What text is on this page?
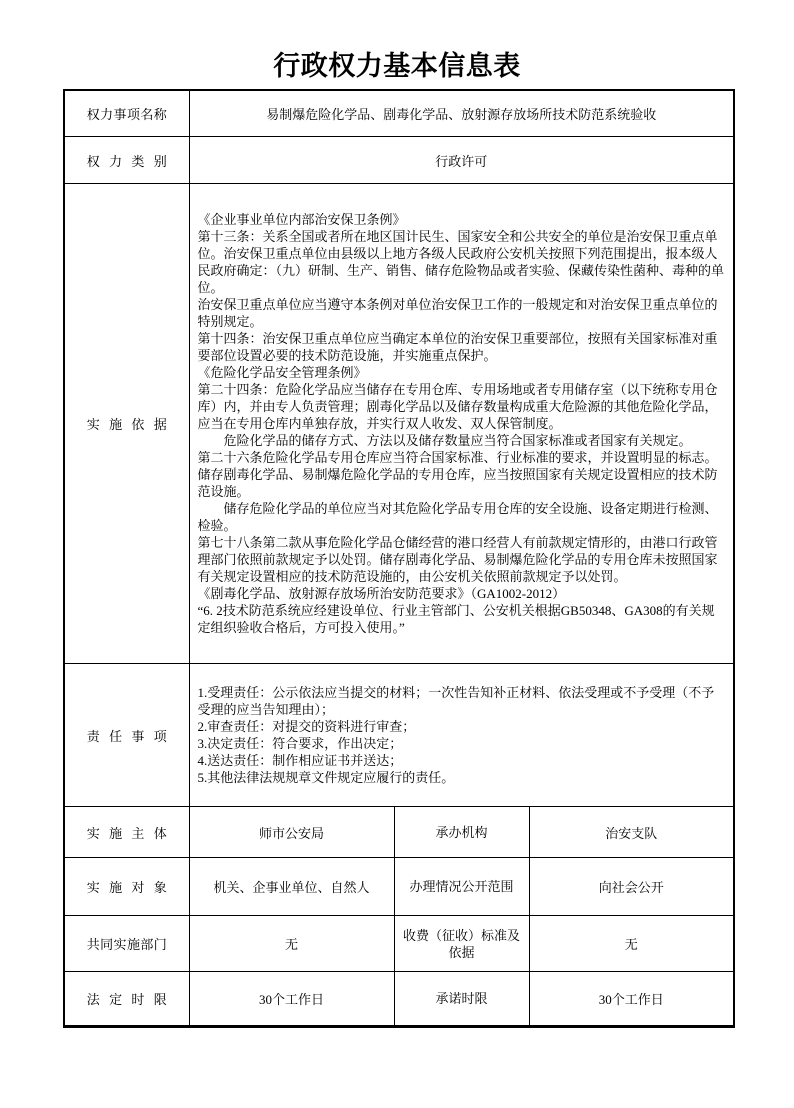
行政权力基本信息表
权力事项名称	易制爆危险化学品、剧毒化学品、放射源存放场所技术防范系统验收		
权力类别	行政许可		
实施依据	
《企业事业单位内部治安保卫条例》
第十三条：关系全国或者所在地区国计民生、国家安全和公共安全的单位是治安保卫重点单位。治安保卫重点单位由县级以上地方各级人民政府公安机关按照下列范围提出，报本级人民政府确定：（九）研制、生产、销售、储存危险物品或者实验、保藏传染性菌种、毒种的单位。
治安保卫重点单位应当遵守本条例对单位治安保卫工作的一般规定和对治安保卫重点单位的特别规定。
第十四条：治安保卫重点单位应当确定本单位的治安保卫重要部位，按照有关国家标准对重要部位设置必要的技术防范设施，并实施重点保护。
《危险化学品安全管理条例》
第二十四条：危险化学品应当储存在专用仓库、专用场地或者专用储存室（以下统称专用仓库）内，并由专人负责管理；剧毒化学品以及储存数量构成重大危险源的其他危险化学品，应当在专用仓库内单独存放，并实行双人收发、双人保管制度。
危险化学品的储存方式、方法以及储存数量应当符合国家标准或者国家有关规定。
第二十六条危险化学品专用仓库应当符合国家标准、行业标准的要求，并设置明显的标志。储存剧毒化学品、易制爆危险化学品的专用仓库，应当按照国家有关规定设置相应的技术防范设施。
储存危险化学品的单位应当对其危险化学品专用仓库的安全设施、设备定期进行检测、检验。
第七十八条第二款从事危险化学品仓储经营的港口经营人有前款规定情形的，由港口行政管理部门依照前款规定予以处罚。储存剧毒化学品、易制爆危险化学品的专用仓库未按照国家有关规定设置相应的技术防范设施的，由公安机关依照前款规定予以处罚。
《剧毒化学品、放射源存放场所治安防范要求》（GA1002-2012）
“6. 2技术防范系统应经建设单位、行业主管部门、公安机关根据GB50348、GA308的有关规定组织验收合格后，方可投入使用。”

责任事项	1.受理责任：公示依法应当提交的材料；一次性告知补正材料、依法受理或不予受理（不予受理的应当告知理由）；
2.审查责任：对提交的资料进行审查；
3.决定责任：符合要求，作出决定；
4.送达责任：制作相应证书并送达；
5.其他法律法规规章文件规定应履行的责任。		

实施主体	师市公安局	承办机构	治安支队
实施对象	机关、企事业单位、自然人	办理情况公开范围	向社会公开
共同实施部门	无	收费（征收）标准及依据	无
法定时限	30个工作日	承诺时限	30个工作日
